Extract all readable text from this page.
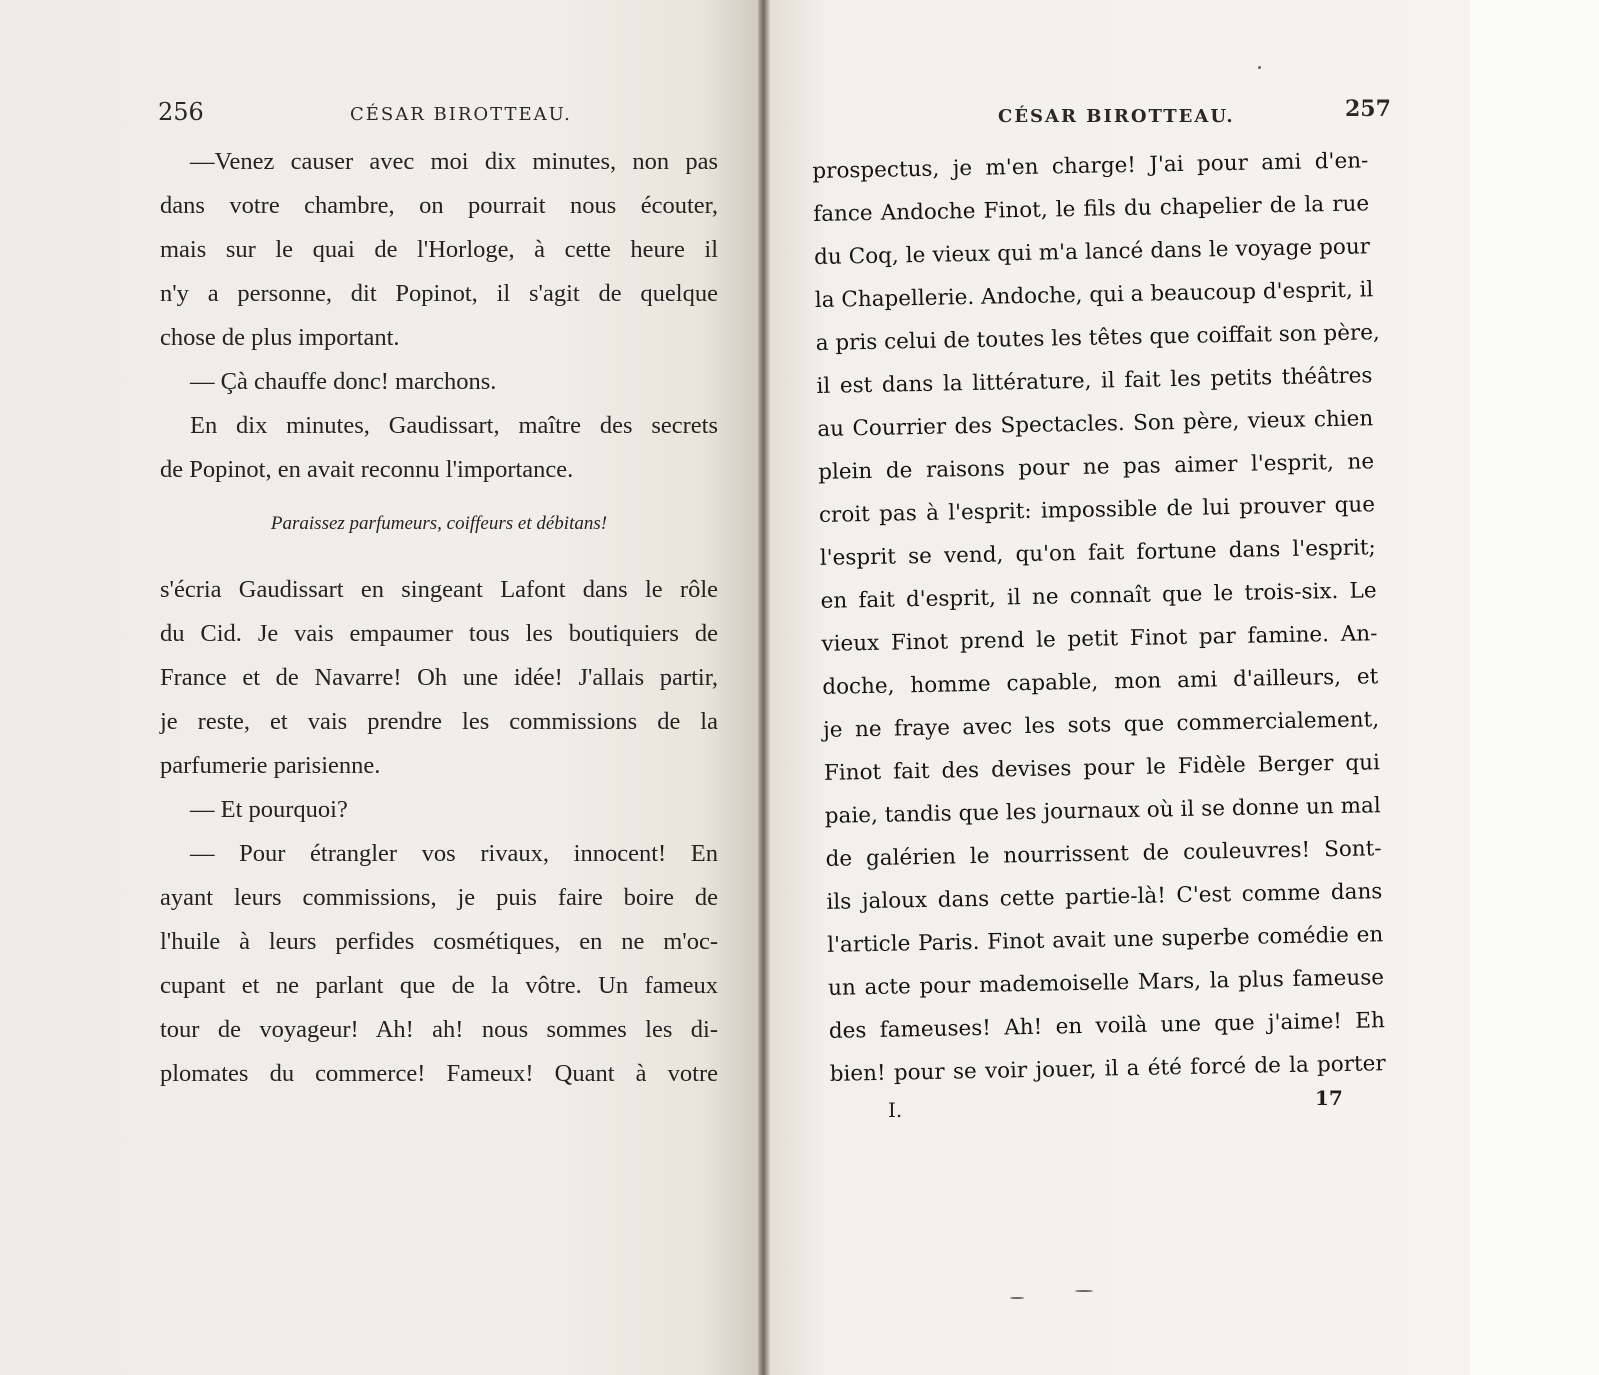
256	CÉSAR BIROTTEAU.
—Venez causer avec moi dix minutes, non pas
dans votre chambre, on pourrait nous écouter,
mais sur le quai de l'Horloge, à cette heure il
n'y a personne, dit Popinot, il s'agit de quelque
chose de plus important.
— Çà chauffe donc! marchons.
En dix minutes, Gaudissart, maître des secrets
de Popinot, en avait reconnu l'importance.
Paraissez parfumeurs, coiffeurs et débitans!
s'écria Gaudissart en singeant Lafont dans le rôle
du Cid. Je vais empaumer tous les boutiquiers de
France et de Navarre! Oh une idée! J'allais partir,
je reste, et vais prendre les commissions de la
parfumerie parisienne.
— Et pourquoi?
— Pour étrangler vos rivaux, innocent! En
ayant leurs commissions, je puis faire boire de
l'huile à leurs perfides cosmétiques, en ne m'oc-
cupant et ne parlant que de la vôtre. Un fameux
tour de voyageur! Ah! ah! nous sommes les di-
plomates du commerce! Fameux! Quant à votre
CÉSAR BIROTTEAU.	257
prospectus, je m'en charge! J'ai pour ami d'en-
fance Andoche Finot, le fils du chapelier de la rue
du Coq, le vieux qui m'a lancé dans le voyage pour
la Chapellerie. Andoche, qui a beaucoup d'esprit, il
a pris celui de toutes les têtes que coiffait son père,
il est dans la littérature, il fait les petits théâtres
au Courrier des Spectacles. Son père, vieux chien
plein de raisons pour ne pas aimer l'esprit, ne
croit pas à l'esprit: impossible de lui prouver que
l'esprit se vend, qu'on fait fortune dans l'esprit;
en fait d'esprit, il ne connaît que le trois-six. Le
vieux Finot prend le petit Finot par famine. An-
doche, homme capable, mon ami d'ailleurs, et
je ne fraye avec les sots que commercialement,
Finot fait des devises pour le Fidèle Berger qui
paie, tandis que les journaux où il se donne un mal
de galérien le nourrissent de couleuvres! Sont-
ils jaloux dans cette partie-là! C'est comme dans
l'article Paris. Finot avait une superbe comédie en
un acte pour mademoiselle Mars, la plus fameuse
des fameuses! Ah! en voilà une que j'aime! Eh
bien! pour se voir jouer, il a été forcé de la porter
I.	17
